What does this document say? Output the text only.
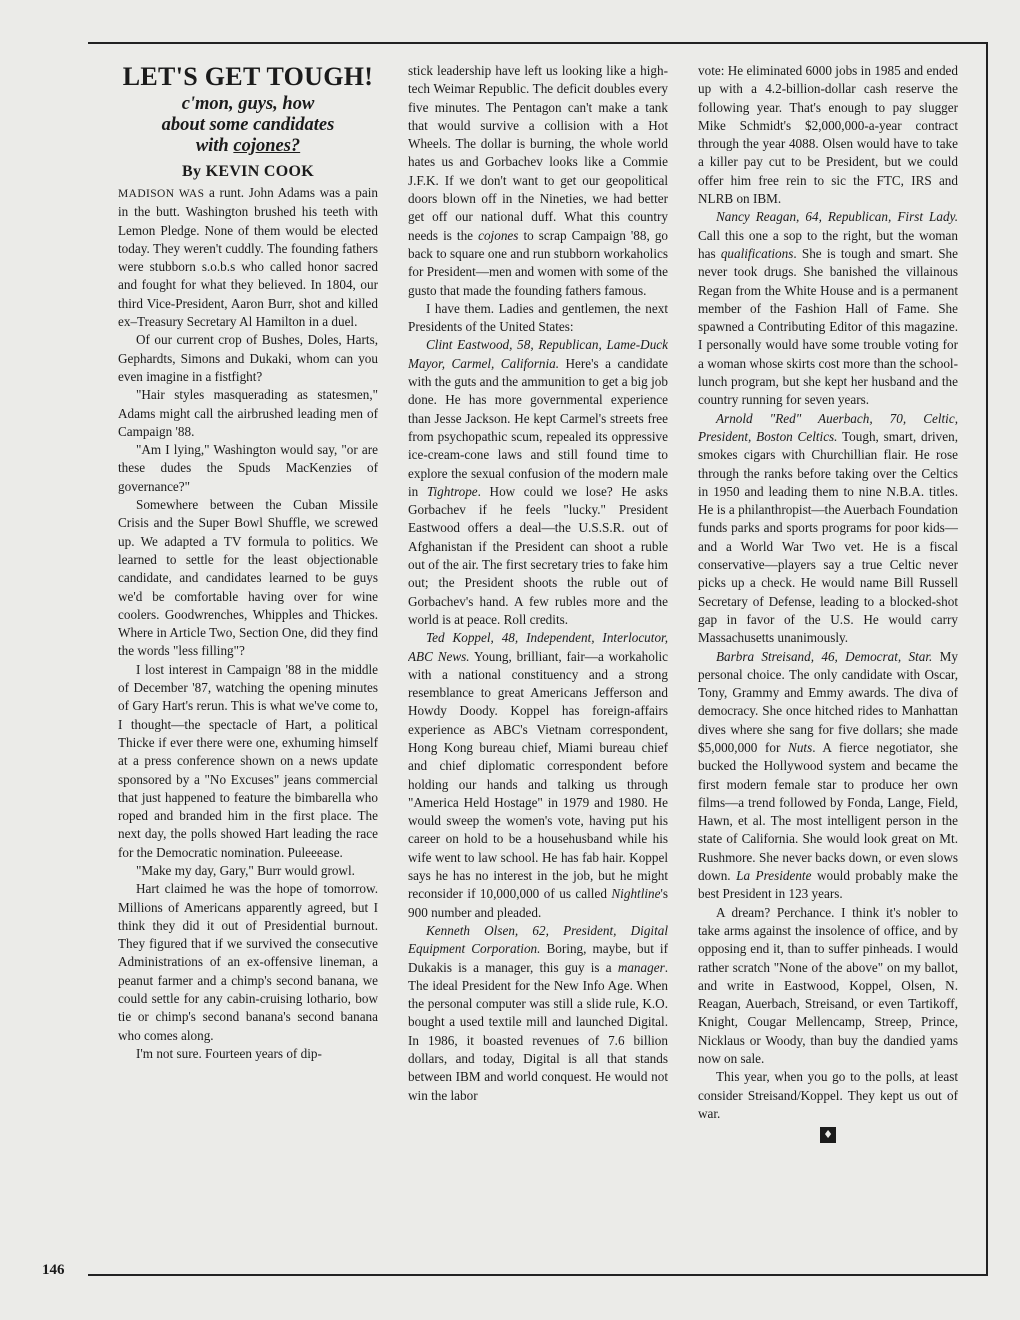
LET'S GET TOUGH!
c'mon, guys, how
about some candidates
with cojones?
By KEVIN COOK

MADISON WAS a runt. John Adams was a pain in the butt. Washington brushed his teeth with Lemon Pledge. None of them would be elected today. They weren't cuddly. The founding fathers were stubborn s.o.b.s who called honor sacred and fought for what they believed. In 1804, our third Vice-President, Aaron Burr, shot and killed ex–Treasury Secretary Al Hamilton in a duel.

Of our current crop of Bushes, Doles, Harts, Gephardts, Simons and Dukaki, whom can you even imagine in a fistfight?

"Hair styles masquerading as statesmen," Adams might call the airbrushed leading men of Campaign '88.

"Am I lying," Washington would say, "or are these dudes the Spuds MacKenzies of governance?"

Somewhere between the Cuban Missile Crisis and the Super Bowl Shuffle, we screwed up. We adapted a TV formula to politics. We learned to settle for the least objectionable candidate, and candidates learned to be guys we'd be comfortable having over for wine coolers. Goodwrenches, Whipples and Thickes. Where in Article Two, Section One, did they find the words "less filling"?

I lost interest in Campaign '88 in the middle of December '87, watching the opening minutes of Gary Hart's rerun. This is what we've come to, I thought—the spectacle of Hart, a political Thicke if ever there were one, exhuming himself at a press conference shown on a news update sponsored by a "No Excuses" jeans commercial that just happened to feature the bimbarella who roped and branded him in the first place. The next day, the polls showed Hart leading the race for the Democratic nomination. Puleeease.

"Make my day, Gary," Burr would growl.

Hart claimed he was the hope of tomorrow. Millions of Americans apparently agreed, but I think they did it out of Presidential burnout. They figured that if we survived the consecutive Administrations of an ex-offensive lineman, a peanut farmer and a chimp's second banana, we could settle for any cabin-cruising lothario, bow tie or chimp's second banana's second banana who comes along.

I'm not sure. Fourteen years of dip-

stick leadership have left us looking like a high-tech Weimar Republic. The deficit doubles every five minutes. The Pentagon can't make a tank that would survive a collision with a Hot Wheels. The dollar is burning, the whole world hates us and Gorbachev looks like a Commie J.F.K. If we don't want to get our geopolitical doors blown off in the Nineties, we had better get off our national duff. What this country needs is the cojones to scrap Campaign '88, go back to square one and run stubborn workaholics for President—men and women with some of the gusto that made the founding fathers famous.

I have them. Ladies and gentlemen, the next Presidents of the United States:

Clint Eastwood, 58, Republican, Lame-Duck Mayor, Carmel, California. Here's a candidate with the guts and the ammunition to get a big job done. He has more governmental experience than Jesse Jackson. He kept Carmel's streets free from psychopathic scum, repealed its oppressive ice-cream-cone laws and still found time to explore the sexual confusion of the modern male in Tightrope. How could we lose? He asks Gorbachev if he feels "lucky." President Eastwood offers a deal—the U.S.S.R. out of Afghanistan if the President can shoot a ruble out of the air. The first secretary tries to fake him out; the President shoots the ruble out of Gorbachev's hand. A few rubles more and the world is at peace. Roll credits.

Ted Koppel, 48, Independent, Interlocutor, ABC News. Young, brilliant, fair—a workaholic with a national constituency and a strong resemblance to great Americans Jefferson and Howdy Doody. Koppel has foreign-affairs experience as ABC's Vietnam correspondent, Hong Kong bureau chief, Miami bureau chief and chief diplomatic correspondent before holding our hands and talking us through "America Held Hostage" in 1979 and 1980. He would sweep the women's vote, having put his career on hold to be a househusband while his wife went to law school. He has fab hair. Koppel says he has no interest in the job, but he might reconsider if 10,000,000 of us called Nightline's 900 number and pleaded.

Kenneth Olsen, 62, President, Digital Equipment Corporation. Boring, maybe, but if Dukakis is a manager, this guy is a manager. The ideal President for the New Info Age. When the personal computer was still a slide rule, K.O. bought a used textile mill and launched Digital. In 1986, it boasted revenues of 7.6 billion dollars, and today, Digital is all that stands between IBM and world conquest. He would not win the labor

vote: He eliminated 6000 jobs in 1985 and ended up with a 4.2-billion-dollar cash reserve the following year. That's enough to pay slugger Mike Schmidt's $2,000,000-a-year contract through the year 4088. Olsen would have to take a killer pay cut to be President, but we could offer him free rein to sic the FTC, IRS and NLRB on IBM.

Nancy Reagan, 64, Republican, First Lady. Call this one a sop to the right, but the woman has qualifications. She is tough and smart. She never took drugs. She banished the villainous Regan from the White House and is a permanent member of the Fashion Hall of Fame. She spawned a Contributing Editor of this magazine. I personally would have some trouble voting for a woman whose skirts cost more than the school-lunch program, but she kept her husband and the country running for seven years.

Arnold "Red" Auerbach, 70, Celtic, President, Boston Celtics. Tough, smart, driven, smokes cigars with Churchillian flair. He rose through the ranks before taking over the Celtics in 1950 and leading them to nine N.B.A. titles. He is a philanthropist—the Auerbach Foundation funds parks and sports programs for poor kids—and a World War Two vet. He is a fiscal conservative—players say a true Celtic never picks up a check. He would name Bill Russell Secretary of Defense, leading to a blocked-shot gap in favor of the U.S. He would carry Massachusetts unanimously.

Barbra Streisand, 46, Democrat, Star. My personal choice. The only candidate with Oscar, Tony, Grammy and Emmy awards. The diva of democracy. She once hitched rides to Manhattan dives where she sang for five dollars; she made $5,000,000 for Nuts. A fierce negotiator, she bucked the Hollywood system and became the first modern female star to produce her own films—a trend followed by Fonda, Lange, Field, Hawn, et al. The most intelligent person in the state of California. She would look great on Mt. Rushmore. She never backs down, or even slows down. La Presidente would probably make the best President in 123 years.

A dream? Perchance. I think it's nobler to take arms against the insolence of office, and by opposing end it, than to suffer pinheads. I would rather scratch "None of the above" on my ballot, and write in Eastwood, Koppel, Olsen, N. Reagan, Auerbach, Streisand, or even Tartikoff, Knight, Cougar Mellencamp, Streep, Prince, Nicklaus or Woody, than buy the dandied yams now on sale.

This year, when you go to the polls, at least consider Streisand/Koppel. They kept us out of war.

♦
146
